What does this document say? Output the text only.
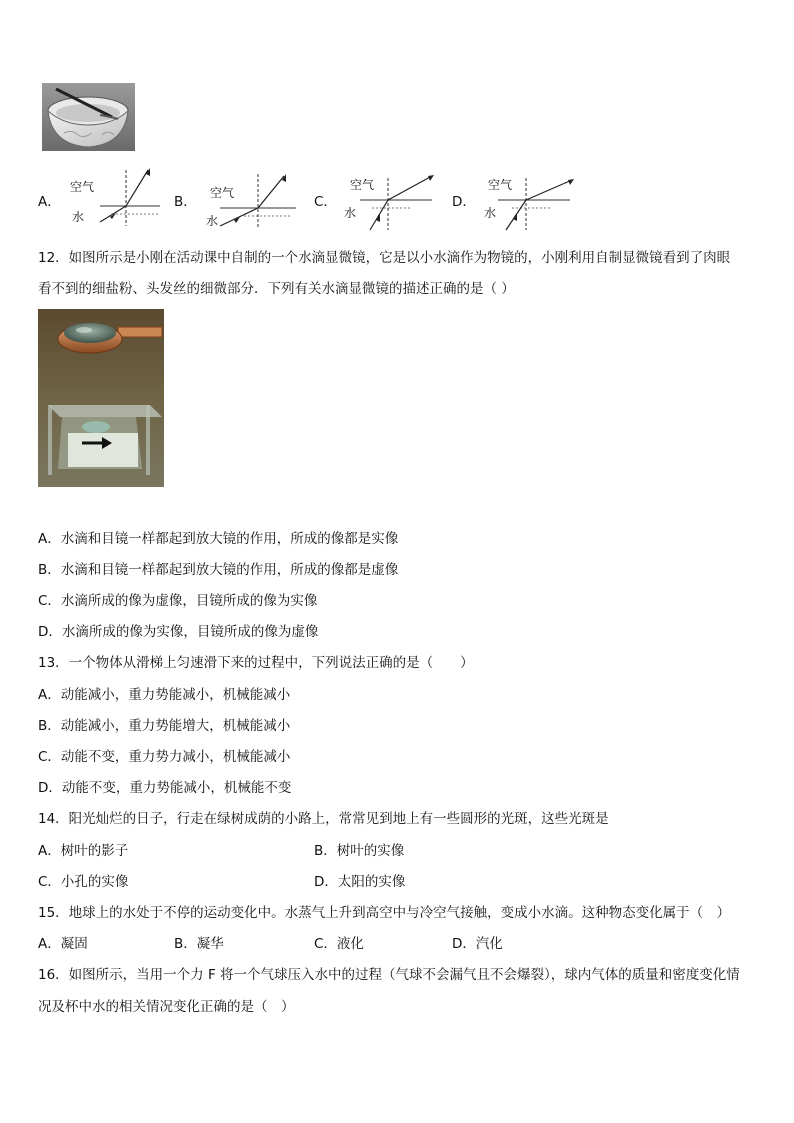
A．
空气
水
B．
空气
水
C．
空气
水
D．
空气
水
12．如图所示是小刚在活动课中自制的一个水滴显微镜，它是以小水滴作为物镜的，小刚利用自制显微镜看到了肉眼
看不到的细盐粉、头发丝的细微部分．下列有关水滴显微镜的描述正确的是（ ）
A．水滴和目镜一样都起到放大镜的作用，所成的像都是实像
B．水滴和目镜一样都起到放大镜的作用，所成的像都是虚像
C．水滴所成的像为虚像，目镜所成的像为实像
D．水滴所成的像为实像，目镜所成的像为虚像
13．一个物体从滑梯上匀速滑下来的过程中，下列说法正确的是（　　）
A．动能减小，重力势能减小，机械能减小
B．动能减小，重力势能增大，机械能减小
C．动能不变，重力势力减小，机械能减小
D．动能不变，重力势能减小，机械能不变
14．阳光灿烂的日子，行走在绿树成荫的小路上，常常见到地上有一些圆形的光斑，这些光斑是
A．树叶的影子	B．树叶的实像
C．小孔的实像	D．太阳的实像
15．地球上的水处于不停的运动变化中。水蒸气上升到高空中与冷空气接触，变成小水滴。这种物态变化属于（　）
A．凝固	B．凝华	C．液化	D．汽化
16．如图所示，当用一个力 F 将一个气球压入水中的过程（气球不会漏气且不会爆裂），球内气体的质量和密度变化情
况及杯中水的相关情况变化正确的是（　）
